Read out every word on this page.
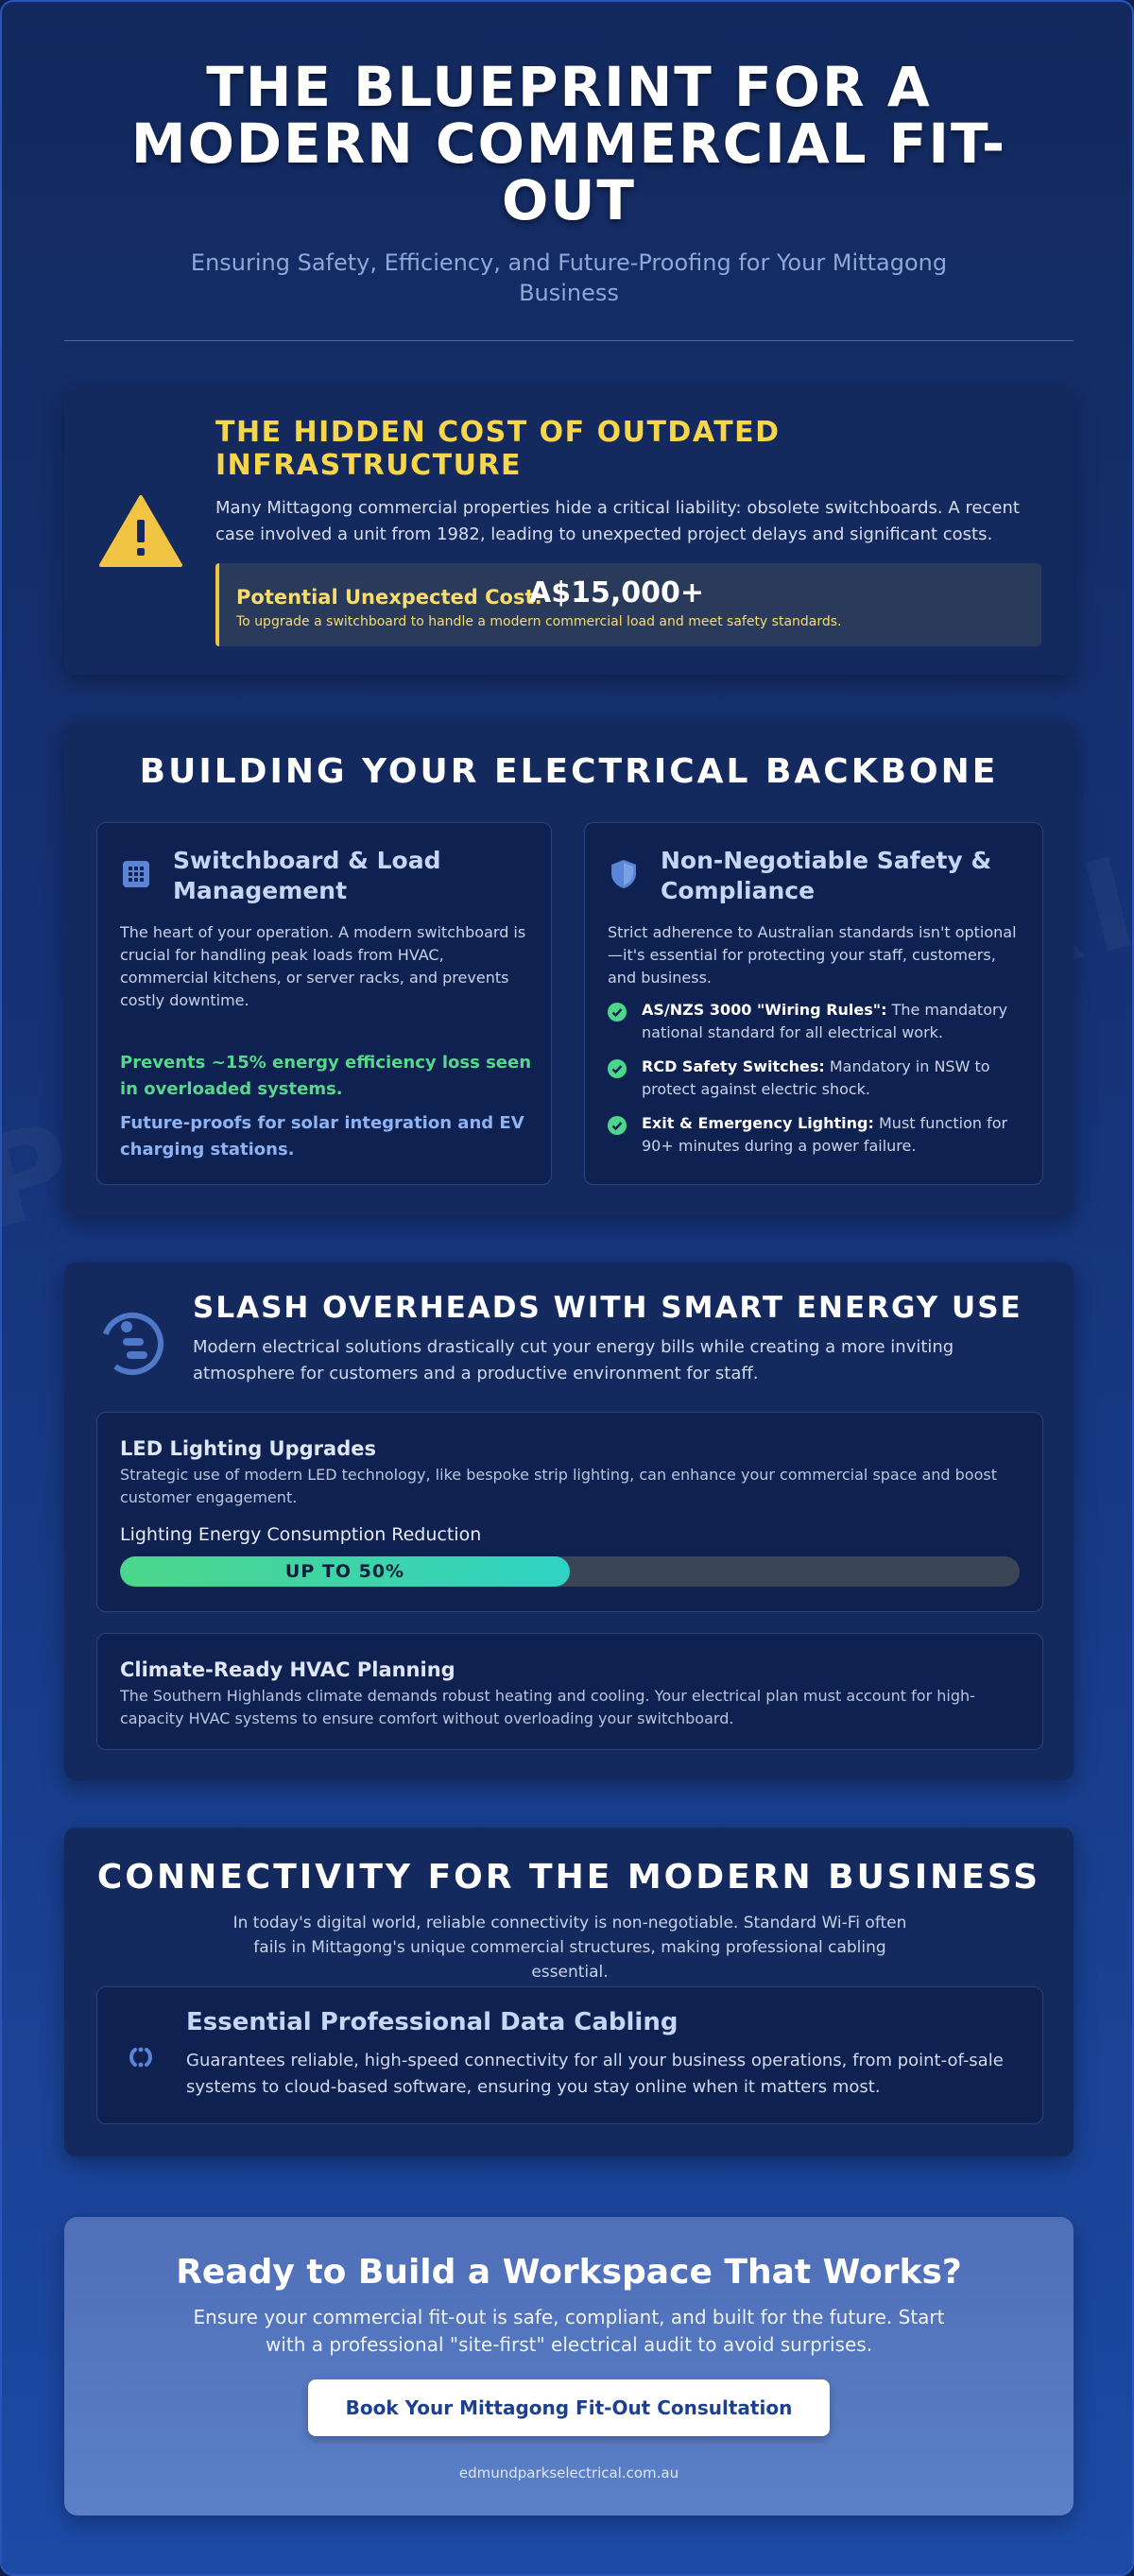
THE BLUEPRINT FOR A MODERN COMMERCIAL FIT-OUT

Ensuring Safety, Efficiency, and Future-Proofing for Your Mittagong Business

THE HIDDEN COST OF OUTDATED INFRASTRUCTURE

Many Mittagong commercial properties hide a critical liability: obsolete switchboards. A recent case involved a unit from 1982, leading to unexpected project delays and significant costs.

Potential Unexpected Cost:
A$15,000+
To upgrade a switchboard to handle a modern commercial load and meet safety standards.
BUILDING YOUR ELECTRICAL BACKBONE
Switchboard & Load Management

The heart of your operation. A modern switchboard is crucial for handling peak loads from HVAC, commercial kitchens, or server racks, and prevents costly downtime.

Prevents ~15% energy efficiency loss seen in overloaded systems.

Future-proofs for solar integration and EV charging stations.

Non-Negotiable Safety & Compliance

Strict adherence to Australian standards isn't optional—it's essential for protecting your staff, customers, and business.

AS/NZS 3000 "Wiring Rules": The mandatory national standard for all electrical work.
RCD Safety Switches: Mandatory in NSW to protect against electric shock.
Exit & Emergency Lighting: Must function for 90+ minutes during a power failure.
SLASH OVERHEADS WITH SMART ENERGY USE

Modern electrical solutions drastically cut your energy bills while creating a more inviting atmosphere for customers and a productive environment for staff.

LED Lighting Upgrades

Strategic use of modern LED technology, like bespoke strip lighting, can enhance your commercial space and boost customer engagement.

Lighting Energy Consumption Reduction

UP TO 50%
Climate-Ready HVAC Planning

The Southern Highlands climate demands robust heating and cooling. Your electrical plan must account for high-capacity HVAC systems to ensure comfort without overloading your switchboard.

CONNECTIVITY FOR THE MODERN BUSINESS

In today's digital world, reliable connectivity is non-negotiable. Standard Wi-Fi often fails in Mittagong's unique commercial structures, making professional cabling essential.

Essential Professional Data Cabling

Guarantees reliable, high-speed connectivity for all your business operations, from point-of-sale systems to cloud-based software, ensuring you stay online when it matters most.

Ready to Build a Workspace That Works?

Ensure your commercial fit-out is safe, compliant, and built for the future. Start with a professional "site-first" electrical audit to avoid surprises.

Book Your Mittagong Fit-Out Consultation
edmundparkselectrical.com.au
